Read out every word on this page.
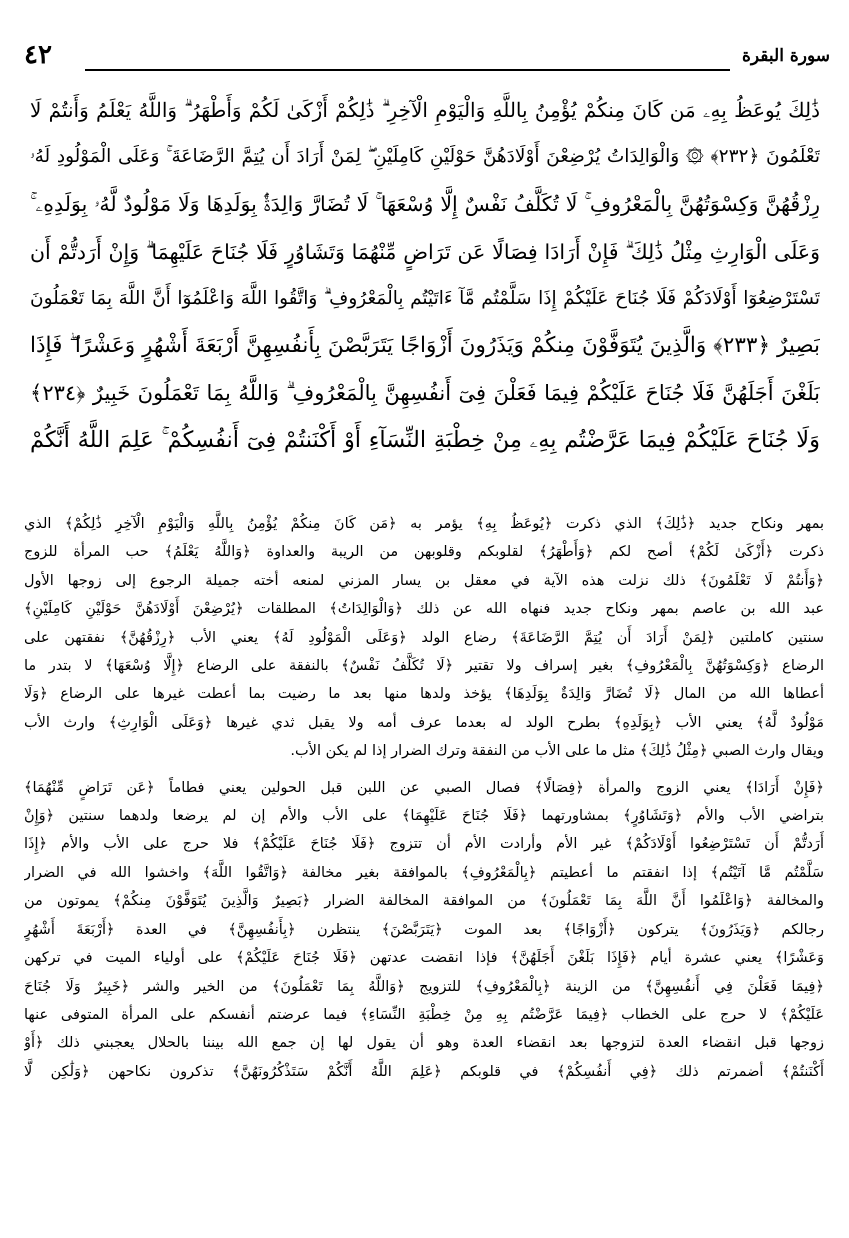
سورة البقرة
٤٢
ذَٰلِكَ يُوعَظُ بِهِۦ مَن كَانَ مِنكُمْ يُؤْمِنُ بِاللَّهِ وَالْيَوْمِ الْآخِرِ ۗ ذَٰلِكُمْ أَزْكَىٰ لَكُمْ وَأَطْهَرُ ۗ وَاللَّهُ يَعْلَمُ وَأَنتُمْ لَا
تَعْلَمُونَ ﴿٢٣٢﴾ ۞ وَالْوَالِدَاتُ يُرْضِعْنَ أَوْلَادَهُنَّ حَوْلَيْنِ كَامِلَيْنِ ۖ لِمَنْ أَرَادَ أَن يُتِمَّ الرَّضَاعَةَ ۚ وَعَلَى الْمَوْلُودِ لَهُۥ
رِزْقُهُنَّ وَكِسْوَتُهُنَّ بِالْمَعْرُوفِ ۚ لَا تُكَلَّفُ نَفْسٌ إِلَّا وُسْعَهَا ۚ لَا تُضَارَّ وَالِدَةٌۢ بِوَلَدِهَا وَلَا مَوْلُودٌ لَّهُۥ بِوَلَدِهِۦ ۚ
وَعَلَى الْوَارِثِ مِثْلُ ذَٰلِكَ ۗ فَإِنْ أَرَادَا فِصَالًا عَن تَرَاضٍ مِّنْهُمَا وَتَشَاوُرٍ فَلَا جُنَاحَ عَلَيْهِمَا ۗ وَإِنْ أَرَدتُّمْ أَن
تَسْتَرْضِعُوٓا أَوْلَادَكُمْ فَلَا جُنَاحَ عَلَيْكُمْ إِذَا سَلَّمْتُم مَّآ ءَاتَيْتُم بِالْمَعْرُوفِ ۗ وَاتَّقُوا اللَّهَ وَاعْلَمُوٓا أَنَّ اللَّهَ بِمَا تَعْمَلُونَ
بَصِيرٌ ﴿٢٣٣﴾ وَالَّذِينَ يُتَوَفَّوْنَ مِنكُمْ وَيَذَرُونَ أَزْوَاجًا يَتَرَبَّصْنَ بِأَنفُسِهِنَّ أَرْبَعَةَ أَشْهُرٍ وَعَشْرًا ۖ فَإِذَا
بَلَغْنَ أَجَلَهُنَّ فَلَا جُنَاحَ عَلَيْكُمْ فِيمَا فَعَلْنَ فِىٓ أَنفُسِهِنَّ بِالْمَعْرُوفِ ۗ وَاللَّهُ بِمَا تَعْمَلُونَ خَبِيرٌ ﴿٢٣٤﴾
وَلَا جُنَاحَ عَلَيْكُمْ فِيمَا عَرَّضْتُم بِهِۦ مِنْ خِطْبَةِ النِّسَآءِ أَوْ أَكْنَنتُمْ فِىٓ أَنفُسِكُمْ ۚ عَلِمَ اللَّهُ أَنَّكُمْ
بمهر ونكاح جديد ﴿ذَٰلِكَ﴾ الذي ذكرت ﴿يُوعَظُ بِهِ﴾ يؤمر به ﴿مَن كَانَ مِنكُمْ يُؤْمِنُ بِاللَّهِ وَالْيَوْمِ الْآخِرِ ذَٰلِكُمْ﴾ الذي
ذكرت ﴿أَزْكَىٰ لَكُمْ﴾ أصح لكم ﴿وَأَطْهَرُ﴾ لقلوبكم وقلوبهن من الريبة والعداوة ﴿وَاللَّهُ يَعْلَمُ﴾ حب المرأة للزوج
﴿وَأَنتُمْ لَا تَعْلَمُونَ﴾ ذلك نزلت هذه الآية في معقل بن يسار المزني لمنعه أخته جميلة الرجوع إلى زوجها الأول
عبد الله بن عاصم بمهر ونكاح جديد فنهاه الله عن ذلك ﴿وَالْوَالِدَاتُ﴾ المطلقات ﴿يُرْضِعْنَ أَوْلَادَهُنَّ حَوْلَيْنِ كَامِلَيْنِ﴾
سنتين كاملتين ﴿لِمَنْ أَرَادَ أَن يُتِمَّ الرَّضَاعَةَ﴾ رضاع الولد ﴿وَعَلَى الْمَوْلُودِ لَهُ﴾ يعني الأب ﴿رِزْقُهُنَّ﴾ نفقتهن على
الرضاع ﴿وَكِسْوَتُهُنَّ بِالْمَعْرُوفِ﴾ بغير إسراف ولا تقتير ﴿لَا تُكَلَّفُ نَفْسٌ﴾ بالنفقة على الرضاع ﴿إِلَّا وُسْعَهَا﴾ لا بتدر ما
أعطاها الله من المال ﴿لَا تُضَارَّ وَالِدَةٌ بِوَلَدِهَا﴾ يؤخذ ولدها منها بعد ما رضيت بما أعطت غيرها على الرضاع ﴿وَلَا
مَوْلُودٌ لَّهُ﴾ يعني الأب ﴿بِوَلَدِهِ﴾ بطرح الولد له بعدما عرف أمه ولا يقبل ثدي غيرها ﴿وَعَلَى الْوَارِثِ﴾ وارث الأب
ويقال وارث الصبي ﴿مِثْلُ ذَٰلِكَ﴾ مثل ما على الأب من النفقة وترك الضرار إذا لم يكن الأب.
﴿فَإِنْ أَرَادَا﴾ يعني الزوج والمرأة ﴿فِصَالًا﴾ فصال الصبي عن اللبن قبل الحولين يعني فطاماً ﴿عَن تَرَاضٍ مِّنْهُمَا﴾
بتراضي الأب والأم ﴿وَتَشَاوُرٍ﴾ بمشاورتهما ﴿فَلَا جُنَاحَ عَلَيْهِمَا﴾ على الأب والأم إن لم يرضعا ولدهما سنتين ﴿وَإِنْ
أَرَدتُّمْ أَن تَسْتَرْضِعُوا أَوْلَادَكُمْ﴾ غير الأم وأرادت الأم أن تتزوج ﴿فَلَا جُنَاحَ عَلَيْكُمْ﴾ فلا حرج على الأب والأم ﴿إِذَا
سَلَّمْتُم مَّا آتَيْتُم﴾ إذا انفقتم ما أعطيتم ﴿بِالْمَعْرُوفِ﴾ بالموافقة بغير مخالفة ﴿وَاتَّقُوا اللَّهَ﴾ واخشوا الله في الضرار
والمخالفة ﴿وَاعْلَمُوا أَنَّ اللَّهَ بِمَا تَعْمَلُونَ﴾ من الموافقة المخالفة الضرار ﴿بَصِيرٌ وَالَّذِينَ يُتَوَفَّوْنَ مِنكُمْ﴾ يموتون من
رجالكم ﴿وَيَذَرُونَ﴾ يتركون ﴿أَزْوَاجًا﴾ بعد الموت ﴿يَتَرَبَّصْنَ﴾ ينتظرن ﴿بِأَنفُسِهِنَّ﴾ في العدة ﴿أَرْبَعَةَ أَشْهُرٍ
وَعَشْرًا﴾ يعني عشرة أيام ﴿فَإِذَا بَلَغْنَ أَجَلَهُنَّ﴾ فإذا انقضت عدتهن ﴿فَلَا جُنَاحَ عَلَيْكُمْ﴾ على أولياء الميت في تركهن
﴿فِيمَا فَعَلْنَ فِي أَنفُسِهِنَّ﴾ من الزينة ﴿بِالْمَعْرُوفِ﴾ للتزويج ﴿وَاللَّهُ بِمَا تَعْمَلُونَ﴾ من الخير والشر ﴿خَبِيرٌ وَلَا جُنَاحَ
عَلَيْكُمْ﴾ لا حرج على الخطاب ﴿فِيمَا عَرَّضْتُم بِهِ مِنْ خِطْبَةِ النِّسَاءِ﴾ فيما عرضتم أنفسكم على المرأة المتوفى عنها
زوجها قبل انقضاء العدة لتزوجها بعد انقضاء العدة وهو أن يقول لها إن جمع الله بيننا بالحلال يعجبني ذلك ﴿أَوْ
أَكْنَنتُمْ﴾ أضمرتم ذلك ﴿فِي أَنفُسِكُمْ﴾ في قلوبكم ﴿عَلِمَ اللَّهُ أَنَّكُمْ سَتَذْكُرُونَهُنَّ﴾ تذكرون نكاحهن ﴿وَلَٰكِن لَّا
